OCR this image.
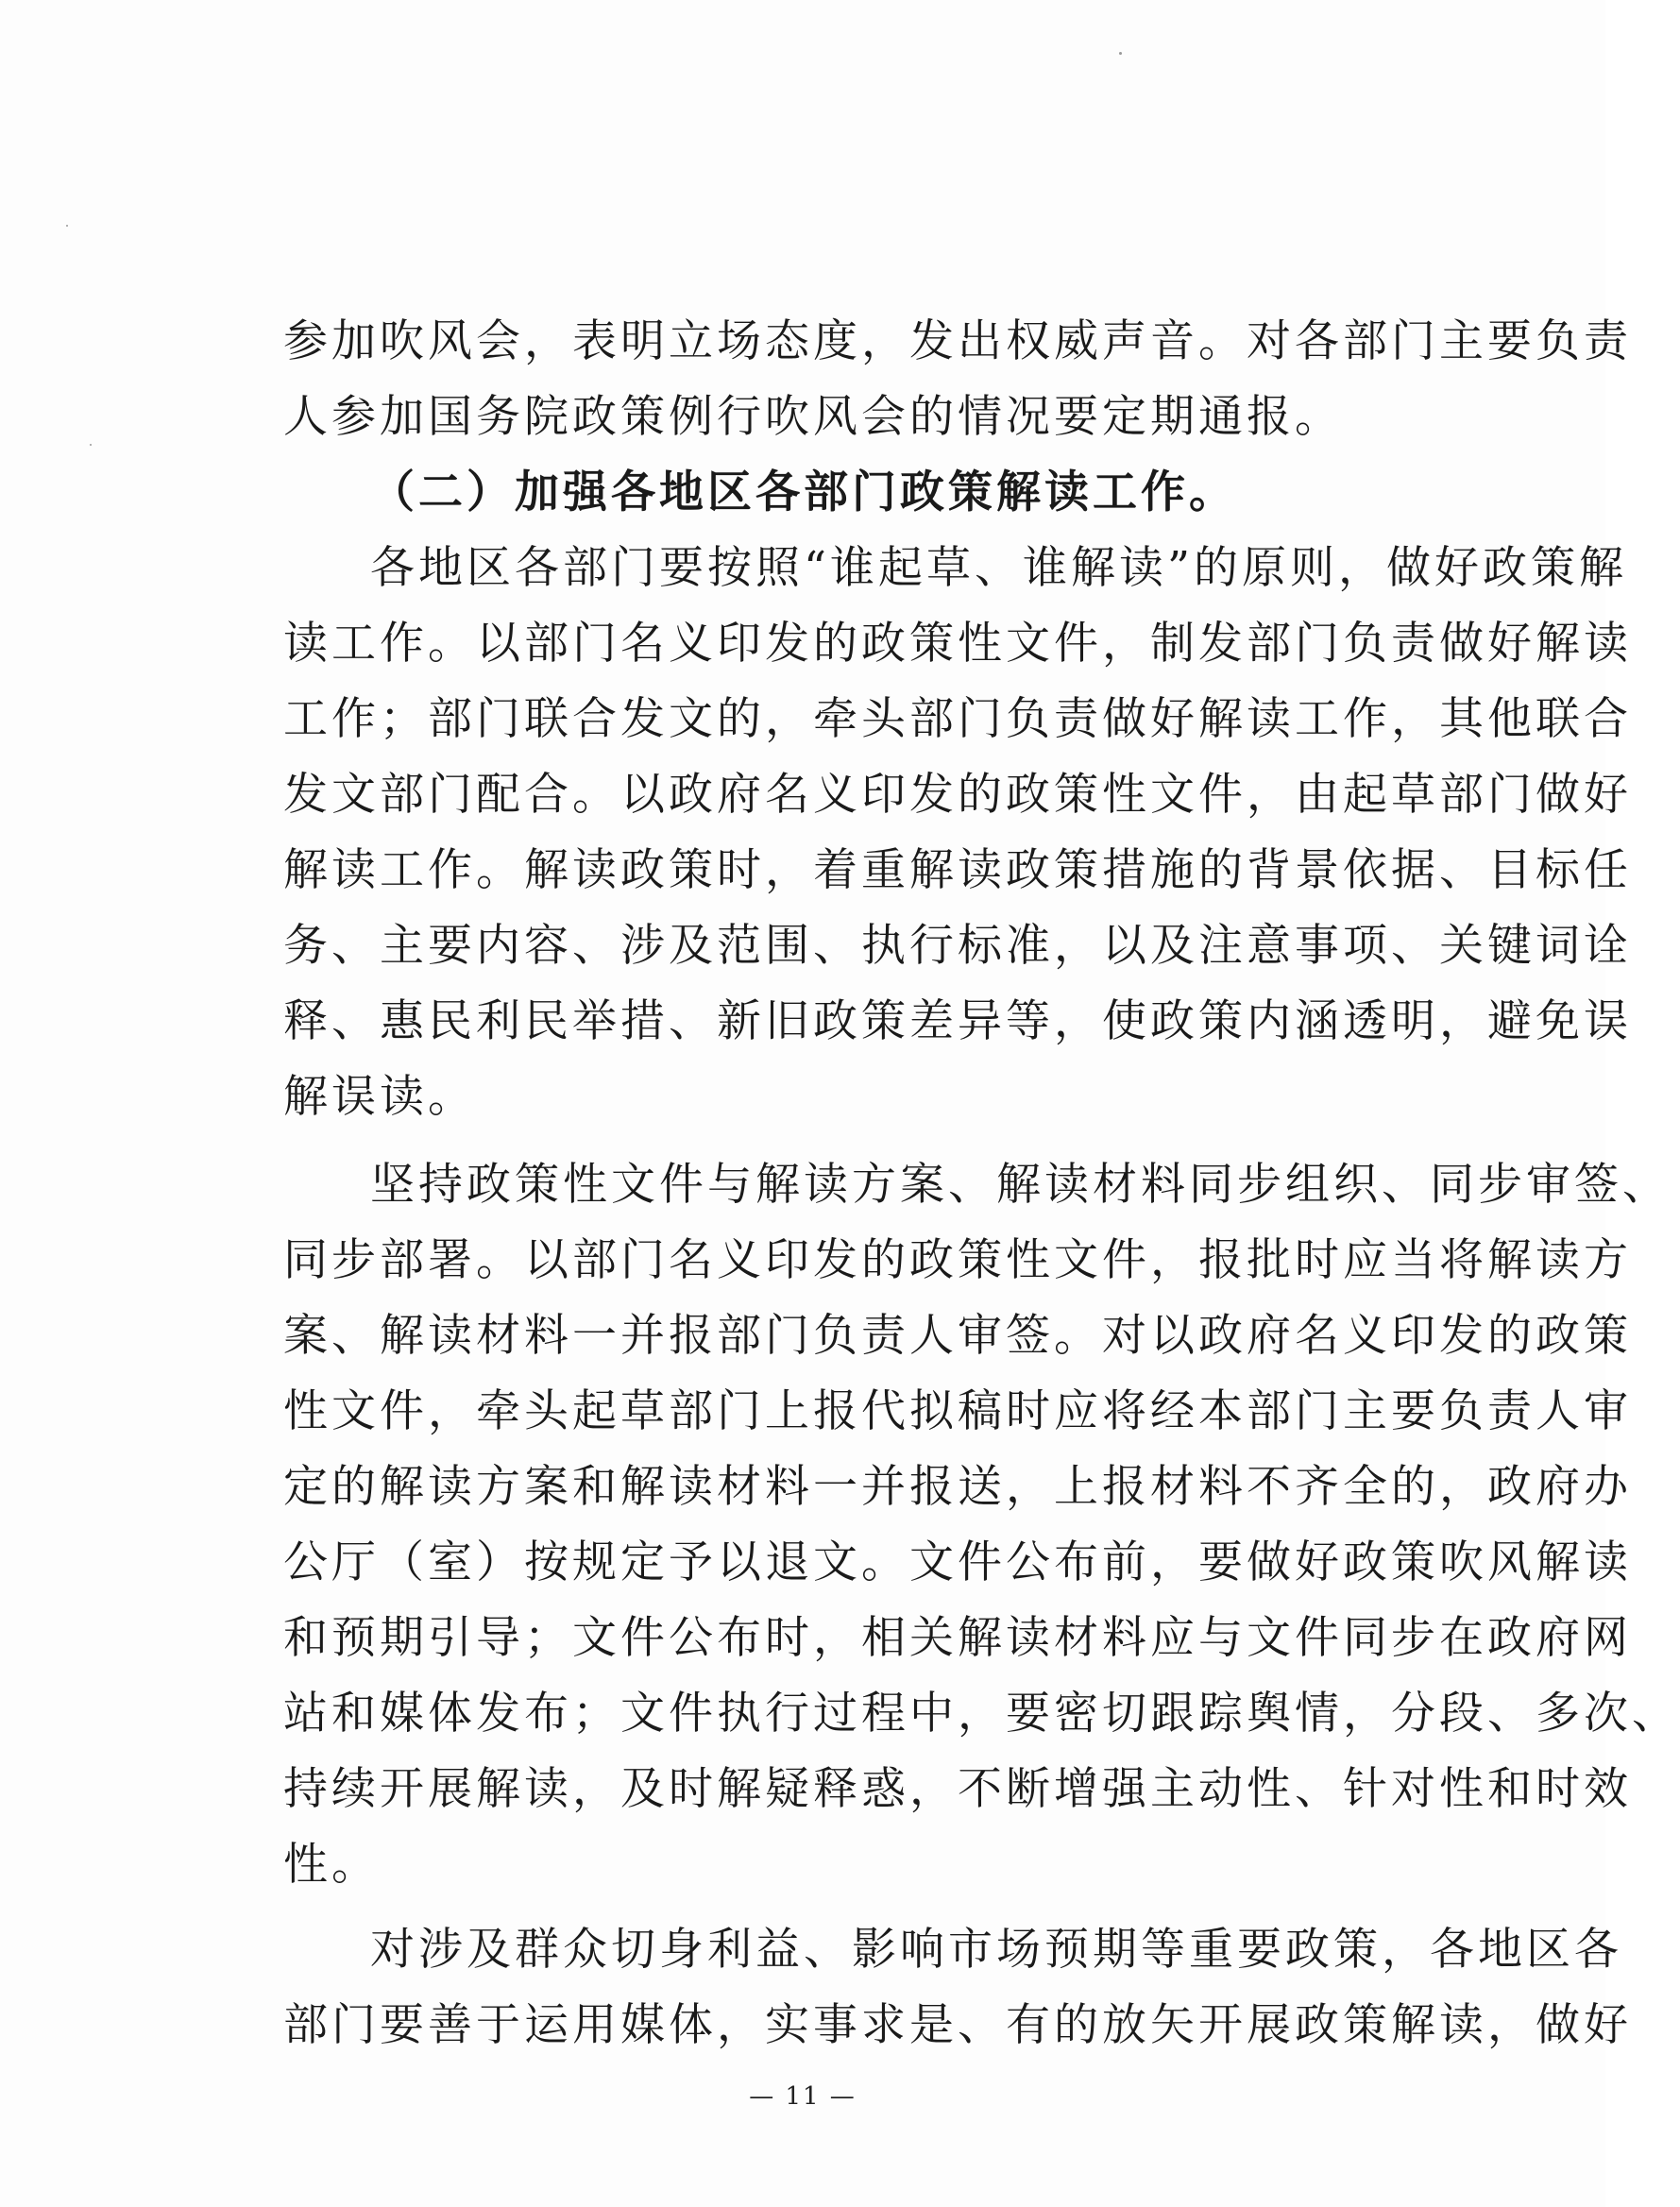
参加吹风会，表明立场态度，发出权威声音。对各部门主要负责
人参加国务院政策例行吹风会的情况要定期通报。
（二）加强各地区各部门政策解读工作。
各地区各部门要按照“谁起草、谁解读”的原则，做好政策解
读工作。以部门名义印发的政策性文件，制发部门负责做好解读
工作；部门联合发文的，牵头部门负责做好解读工作，其他联合
发文部门配合。以政府名义印发的政策性文件，由起草部门做好
解读工作。解读政策时，着重解读政策措施的背景依据、目标任
务、主要内容、涉及范围、执行标准，以及注意事项、关键词诠
释、惠民利民举措、新旧政策差异等，使政策内涵透明，避免误
解误读。
坚持政策性文件与解读方案、解读材料同步组织、同步审签、
同步部署。以部门名义印发的政策性文件，报批时应当将解读方
案、解读材料一并报部门负责人审签。对以政府名义印发的政策
性文件，牵头起草部门上报代拟稿时应将经本部门主要负责人审
定的解读方案和解读材料一并报送，上报材料不齐全的，政府办
公厅（室）按规定予以退文。文件公布前，要做好政策吹风解读
和预期引导；文件公布时，相关解读材料应与文件同步在政府网
站和媒体发布；文件执行过程中，要密切跟踪舆情，分段、多次、
持续开展解读，及时解疑释惑，不断增强主动性、针对性和时效
性。
对涉及群众切身利益、影响市场预期等重要政策，各地区各
部门要善于运用媒体，实事求是、有的放矢开展政策解读，做好
— 11 —
